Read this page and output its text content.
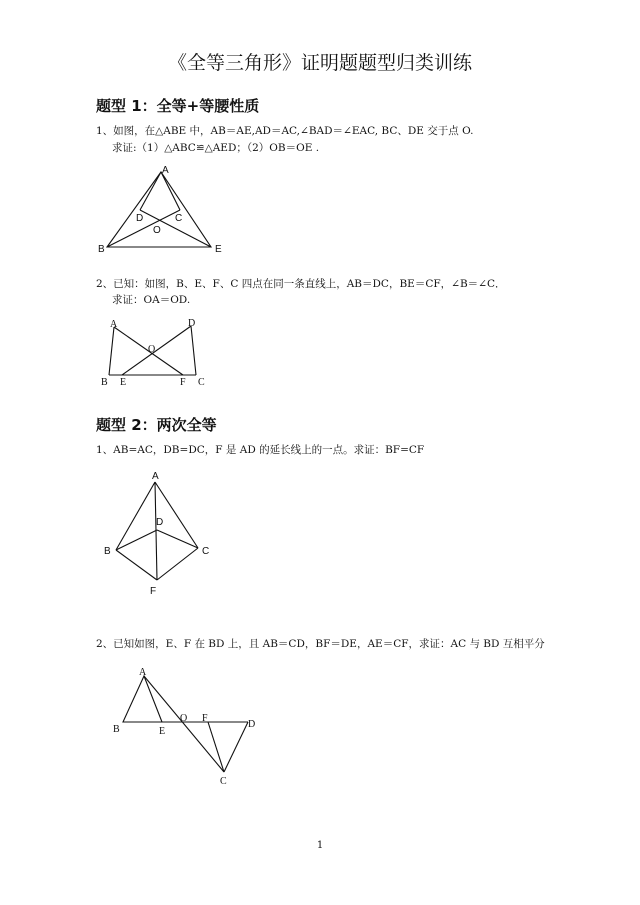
《全等三角形》证明题题型归类训练
题型 1：全等+等腰性质
1、如图，在△ABE 中，AB＝AE,AD＝AC,∠BAD＝∠EAC, BC、DE 交于点 O.
求证:（1）△ABC≌△AED；（2）OB＝OE .
A
B	E
D	C
O
2、已知：如图，B、E、F、C 四点在同一条直线上，AB＝DC，BE＝CF，∠B＝∠C．
求证：OA＝OD.
A	D
O
B E	F C
题型 2：两次全等
1、AB=AC，DB=DC，F 是 AD 的延长线上的一点。求证：BF=CF
A
D
B	C
F
2、已知如图，E、F 在 BD 上，且 AB＝CD，BF＝DE，AE＝CF，求证：AC 与 BD 互相平分
A
B	E
O F
D
C
1
